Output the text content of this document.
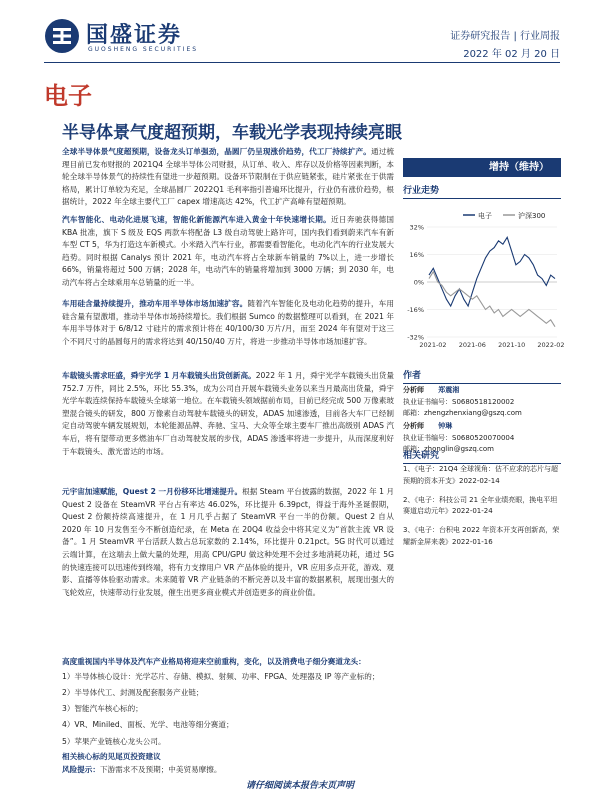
国盛证券
GUOSHENG SECURITIES
证券研究报告 | 行业周报
2022 年 02 月 20 日
电子
半导体景气度超预期，车载光学表现持续亮眼

全球半导体景气度超预期，设备龙头订单强劲，晶圆厂仍呈现涨价趋势，代工厂持续扩产。通过梳理目前已发布财报的 2021Q4 全球半导体公司财报，从订单、收入、库存以及价格等因素判断，本轮全球半导体景气的持续性有望进一步超预期。设备环节限制在于供应链紧张，硅片紧张在于供需格局，累计订单较为充足，全球晶圆厂 2022Q1 毛利率指引普遍环比提升，行业仍有涨价趋势，根据统计，2022 年全球主要代工厂 capex 增速高达 42%，代工扩产高峰有望超预期。

汽车智能化、电动化进展飞速，智能化新能源汽车进入黄金十年快速增长期。近日奔驰获得德国 KBA 批准，旗下 S 级及 EQS 两款车将配备 L3 级自动驾驶上路许可，国内我们看到蔚来汽车有新车型 CT 5，华为打造这车新模式。小米踏入汽车行业，都需要看智能化，电动化汽车的行业发展大趋势。同时根据 Canalys 预计 2021 年，电动汽车将占全球新车销量的 7%以上，进一步增长 66%，销量将超过 500 万辆；2028 年，电动汽车的销量将增加到 3000 万辆；到 2030 年，电动汽车将占全球乘用车总销量的近一半。

车用硅含量持续提升，推动车用半导体市场加速扩容。随着汽车智能化及电动化趋势的提升，车用硅含量有望激增，推动半导体市场持续增长。我们根据 Sumco 的数据整理可以看到，在 2021 年车用半导体对于 6/8/12 寸硅片的需求预计将在 40/100/30 万片/月，而至 2024 年有望对于这三个不同尺寸的晶圆每月的需求将达到 40/150/40 万片，将进一步推动半导体市场加速扩容。

车载镜头需求旺盛，舜宇光学 1 月车载镜头出货创新高。2022 年 1 月，舜宇光学车载镜头出货量 752.7 万件，同比 2.5%，环比 55.3%，成为公司自开展车载镜头业务以来当月最高出货量，舜宇光学车载连续保持车载镜头全球第一地位。在车载镜头领域据前布局，目前已经完成 500 万像素玻塑混合镜头的研发，800 万像素自动驾驶车载镜头的研发，ADAS 加速渗透，目前各大车厂已经制定自动驾驶车辆发展规划，本轮能源品牌、奔驰、宝马、大众等全球主要车厂推出高级别 ADAS 汽车后，将有望带动更多燃油车厂自动驾驶发展的步伐，ADAS 渗透率将进一步提升，从而深度利好于车载镜头、激光雷达的市场。

元宇宙加速赋能，Quest 2 一月份移环比增速提升。根据 Steam 平台披露的数据，2022 年 1 月 Quest 2 设备在 SteamVR 平台占有率达 46.02%，环比提升 6.39pct，得益于海外圣诞假期，Quest 2 份额持续高速提升，在 1 月几乎占据了 SteamVR 平台一半的份额。Quest 2 自从 2020 年 10 月发售至今不断创造纪录，在 Meta 在 20Q4 收益会中将其定义为“首款主流 VR 设备”。1 月 SteamVR 平台活跃人数占总玩家数的 2.14%，环比提升 0.21pct。5G 时代可以通过云端计算，在这端去上做大量的处理，用高 CPU/GPU 做这种处理不会过多地消耗功耗，通过 5G 的快速连接可以迅速传到终端，将有力支撑用户 VR 产品体验的提升，VR 应用多点开花，游戏、观影、直播等体验驱动需求。未来随着 VR 产业链条的不断完善以及丰富的数据累积，展现出强大的飞轮效应，快速带动行业发展，催生出更多商业模式并创造更多的商业价值。

高度重视国内半导体及汽车产业格局将迎来空前重构，变化，以及消费电子细分赛道龙头：
1）半导体核心设计：光学芯片、存储、模拟、射频、功率、FPGA、处理器及 IP 等产业标的；
2）半导体代工、封测及配套服务产业链；
3）智能汽车核心标的；
4）VR、Miniled、面板、光学、电池等细分赛道；
5）苹果产业链核心龙头公司。
相关核心标的见尾页投资建议
风险提示：下游需求不及预期；中美贸易摩擦。
增持（维持）
行业走势
32%
16%
0%
-16%
-32%
2021-02 2021-06 2021-10 2022-02
电子	沪深300
作者
分析师 郑震湘
执业证书编号：S0680518120002
邮箱：zhengzhenxiang@gszq.com
分析师 钟琳
执业证书编号：S0680520070004
邮箱：zhonglin@gszq.com
相关研究
1、《电子：21Q4 全球视角：估不应求的芯片与超预期的资本开支》2022-02-14
2、《电子：科技公司 21 全年业绩亮眼，换电平坦赛道启动元年》2022-01-24
3、《电子：台积电 2022 年资本开支再创新高，荣耀新金屏来袭》2022-01-16
请仔细阅读本报告末页声明
